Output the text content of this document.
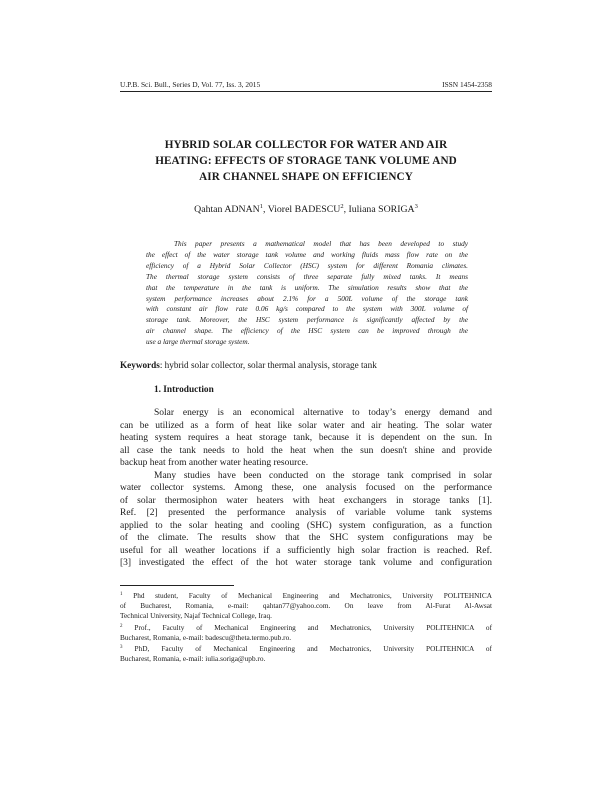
U.P.B. Sci. Bull., Series D, Vol. 77, Iss. 3, 2015	ISSN 1454-2358
HYBRID SOLAR COLLECTOR FOR WATER AND AIR
HEATING: EFFECTS OF STORAGE TANK VOLUME AND
AIR CHANNEL SHAPE ON EFFICIENCY
Qahtan ADNAN$^1$, Viorel BADESCU$^2$, Iuliana SORIGA$^3$
This paper presents a mathematical model that has been developed to study
the effect of the water storage tank volume and working fluids mass flow rate on the
efficiency of a Hybrid Solar Collector (HSC) system for different Romania climates.
The thermal storage system consists of three separate fully mixed tanks. It means
that the temperature in the tank is uniform. The simulation results show that the
system performance increases about 2.1% for a 500L volume of the storage tank
with constant air flow rate 0.06 kg/s compared to the system with 300L volume of
storage tank. Moreover, the HSC system performance is significantly affected by the
air channel shape. The efficiency of the HSC system can be improved through the
use a large thermal storage system.
Keywords: hybrid solar collector, solar thermal analysis, storage tank
1. Introduction
Solar energy is an economical alternative to today’s energy demand and
can be utilized as a form of heat like solar water and air heating. The solar water
heating system requires a heat storage tank, because it is dependent on the sun. In
all case the tank needs to hold the heat when the sun doesn't shine and provide
backup heat from another water heating resource.
Many studies have been conducted on the storage tank comprised in solar
water collector systems. Among these, one analysis focused on the performance
of solar thermosiphon water heaters with heat exchangers in storage tanks [1].
Ref. [2] presented the performance analysis of variable volume tank systems
applied to the solar heating and cooling (SHC) system configuration, as a function
of the climate. The results show that the SHC system configurations may be
useful for all weather locations if a sufficiently high solar fraction is reached. Ref.
[3] investigated the effect of the hot water storage tank volume and configuration
$^1$ Phd student, Faculty of Mechanical Engineering and Mechatronics, University POLITEHNICA
of Bucharest, Romania, e-mail: qahtan77@yahoo.com. On leave from Al-Furat Al-Awsat
Technical University, Najaf Technical College, Iraq.
$^2$ Prof., Faculty of Mechanical Engineering and Mechatronics, University POLITEHNICA of
Bucharest, Romania, e-mail: badescu@theta.termo.pub.ro.
$^3$ PhD, Faculty of Mechanical Engineering and Mechatronics, University POLITEHNICA of
Bucharest, Romania, e-mail: iulia.soriga@upb.ro.
